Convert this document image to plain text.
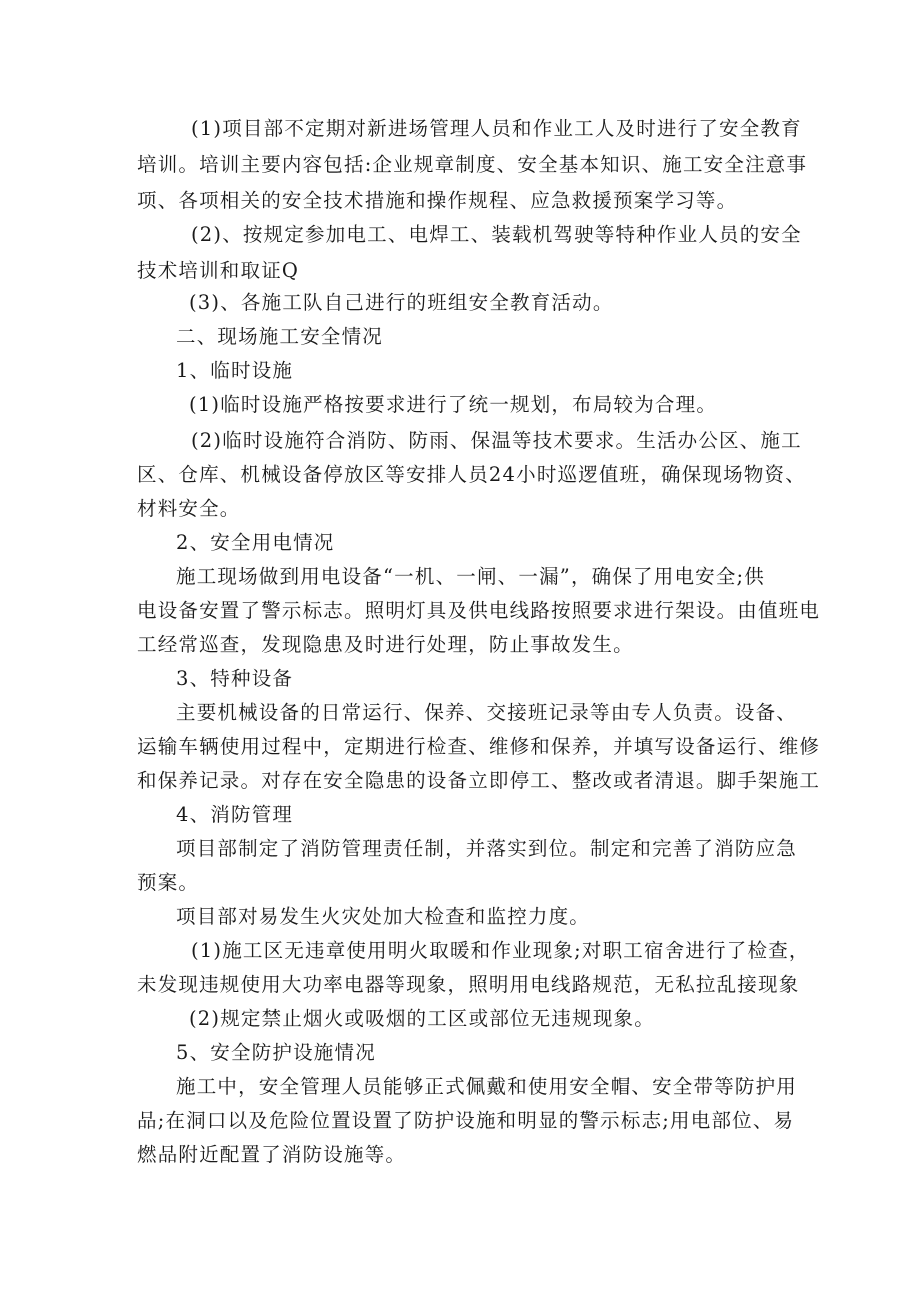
(1)项目部不定期对新进场管理人员和作业工人及时进行了安全教育
培训。培训主要内容包括:企业规章制度、安全基本知识、施工安全注意事
项、各项相关的安全技术措施和操作规程、应急救援预案学习等。
(2)、按规定参加电工、电焊工、装载机驾驶等特种作业人员的安全
技术培训和取证Q
(3)、各施工队自己进行的班组安全教育活动。
二、现场施工安全情况
1、临时设施
(1)临时设施严格按要求进行了统一规划，布局较为合理。
(2)临时设施符合消防、防雨、保温等技术要求。生活办公区、施工
区、仓库、机械设备停放区等安排人员24小时巡逻值班，确保现场物资、
材料安全。
2、安全用电情况
施工现场做到用电设备“一机、一闸、一漏”，确保了用电安全;供
电设备安置了警示标志。照明灯具及供电线路按照要求进行架设。由值班电
工经常巡查，发现隐患及时进行处理，防止事故发生。
3、特种设备
主要机械设备的日常运行、保养、交接班记录等由专人负责。设备、
运输车辆使用过程中，定期进行检查、维修和保养，并填写设备运行、维修
和保养记录。对存在安全隐患的设备立即停工、整改或者清退。脚手架施工
4、消防管理
项目部制定了消防管理责任制，并落实到位。制定和完善了消防应急
预案。
项目部对易发生火灾处加大检查和监控力度。
(1)施工区无违章使用明火取暖和作业现象;对职工宿舍进行了检查，
未发现违规使用大功率电器等现象，照明用电线路规范，无私拉乱接现象
(2)规定禁止烟火或吸烟的工区或部位无违规现象。
5、安全防护设施情况
施工中，安全管理人员能够正式佩戴和使用安全帽、安全带等防护用
品;在洞口以及危险位置设置了防护设施和明显的警示标志;用电部位、易
燃品附近配置了消防设施等。
